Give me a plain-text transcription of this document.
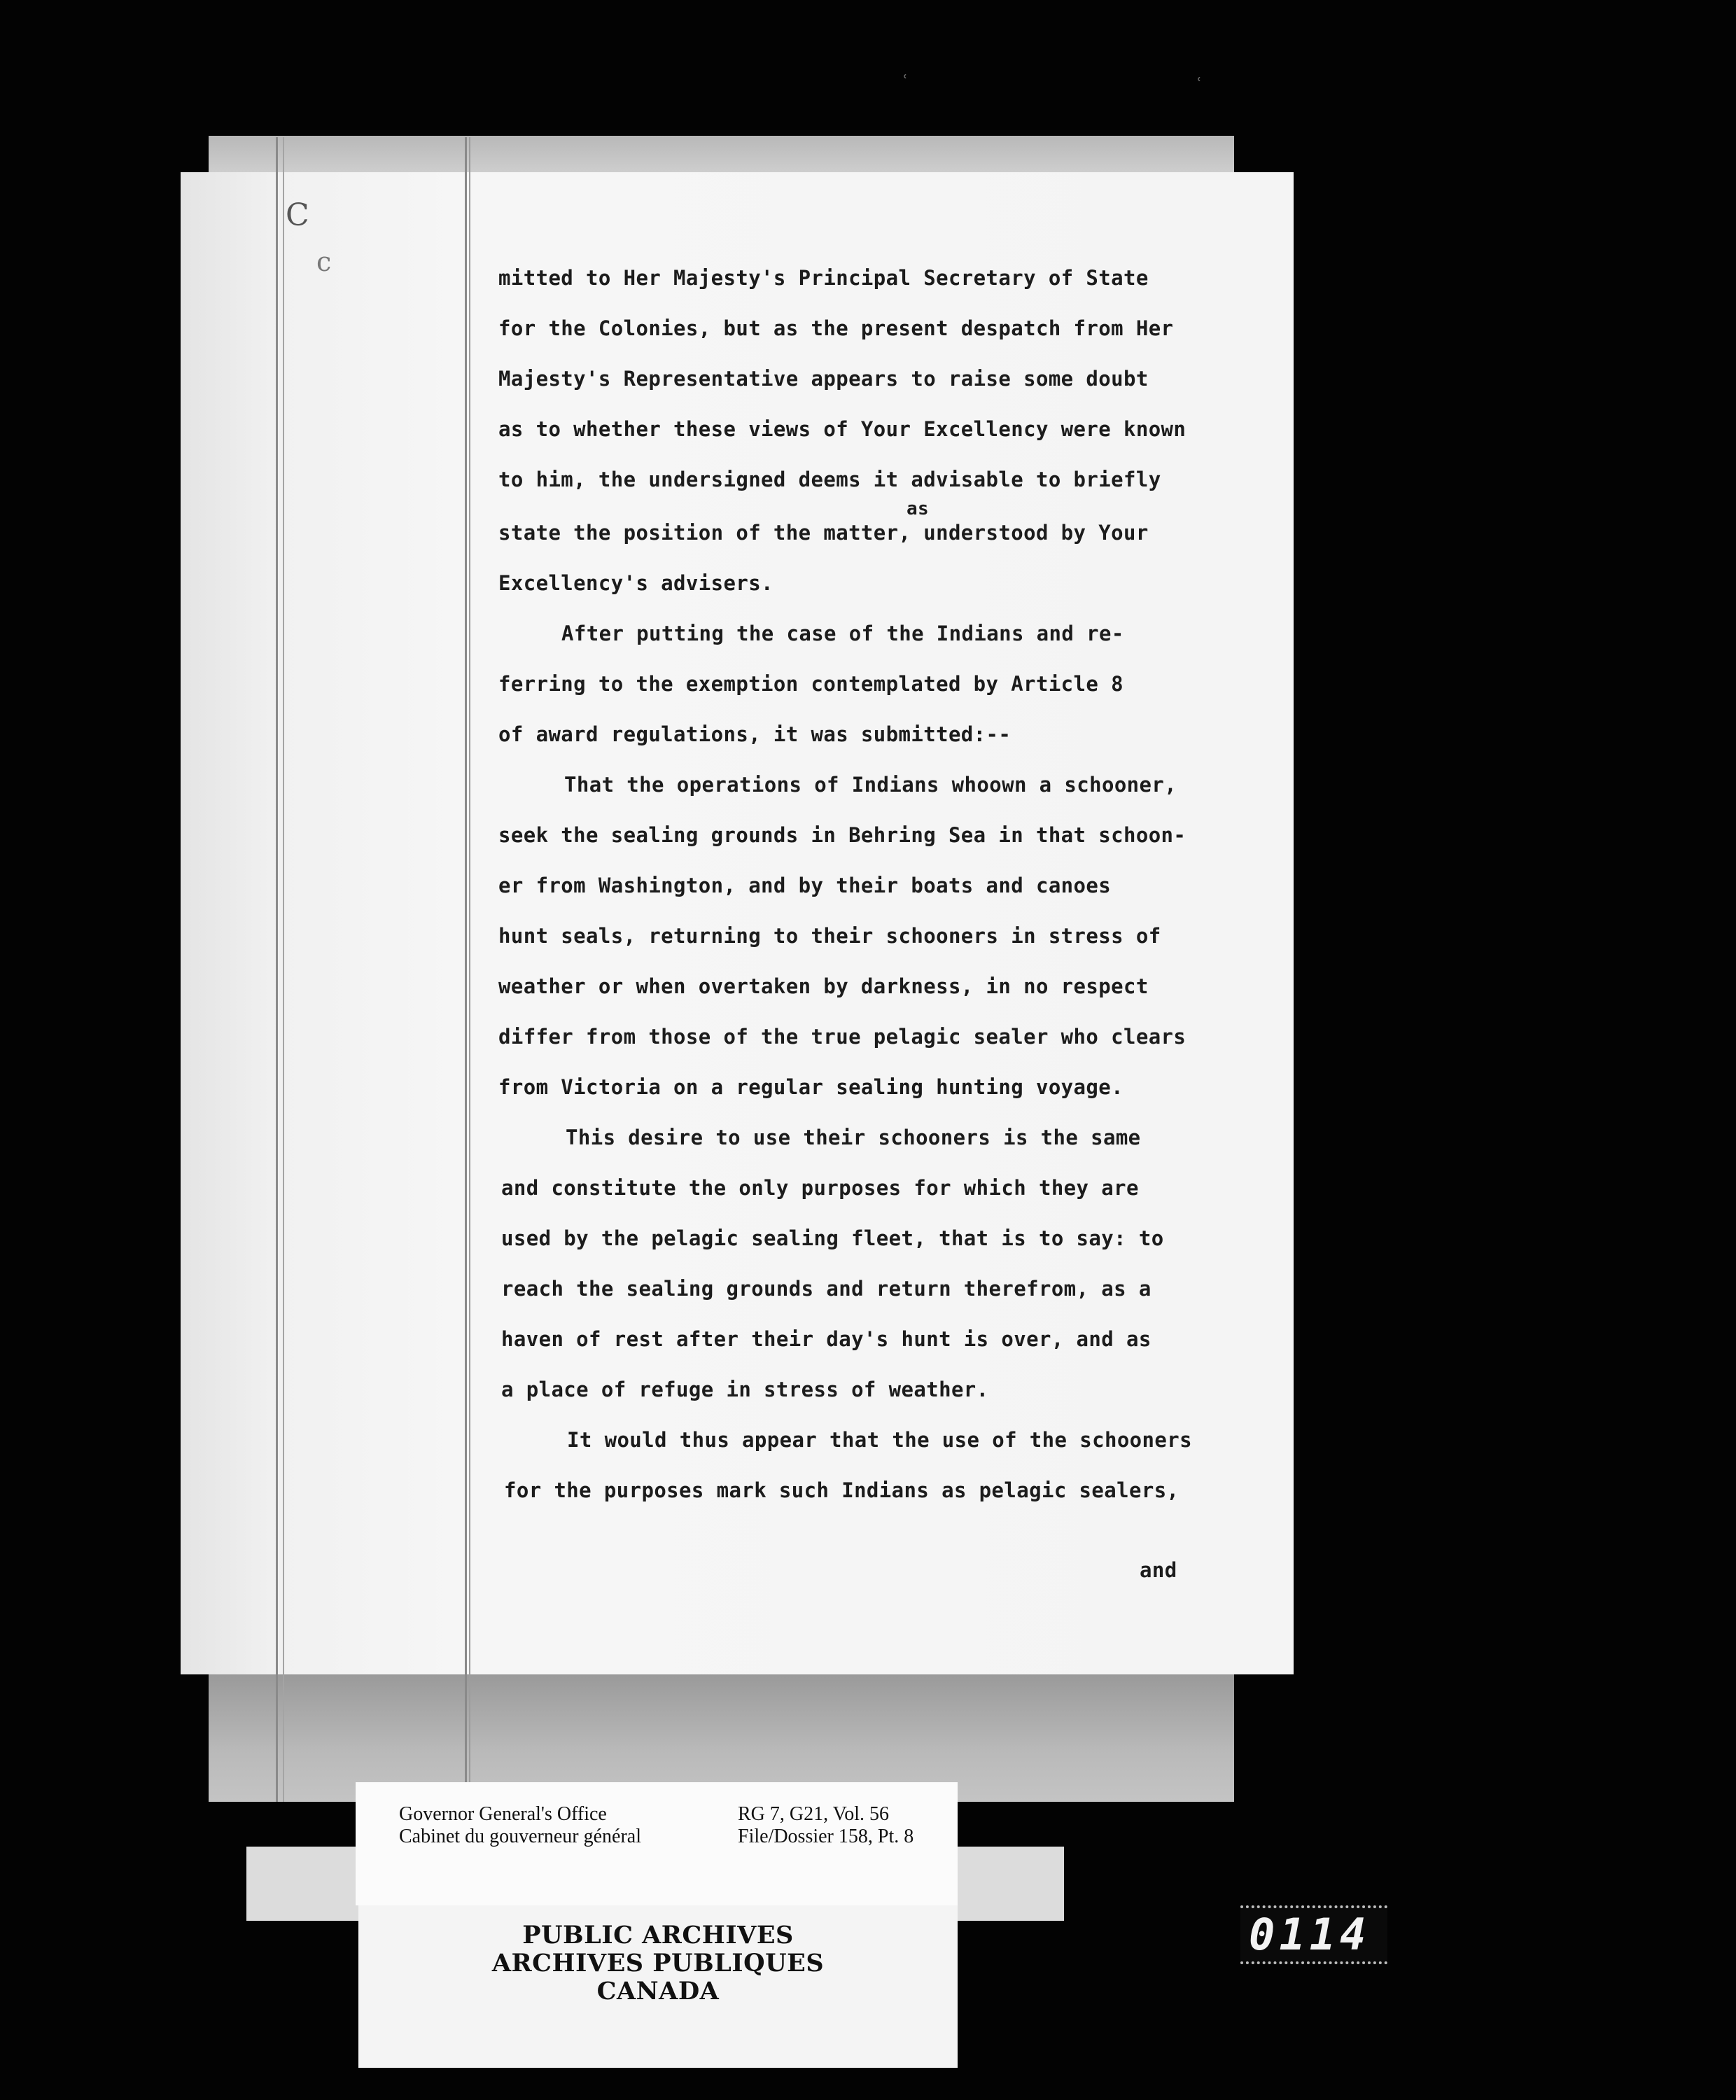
C
c
ʿ	ʿ
mitted to Her Majesty's Principal Secretary of State
for the Colonies, but as the present despatch from Her
Majesty's Representative appears to raise some doubt
as to whether these views of Your Excellency were known
to him, the undersigned deems it advisable to briefly
as
state the position of the matter, understood by Your
Excellency's advisers.
After putting the case of the Indians and re-
ferring to the exemption contemplated by Article 8
of award regulations, it was submitted:--
That the operations of Indians whoown a schooner,
seek the sealing grounds in Behring Sea in that schoon-
er from Washington, and by their boats and canoes
hunt seals, returning to their schooners in stress of
weather or when overtaken by darkness, in no respect
differ from those of the true pelagic sealer who clears
from Victoria on a regular sealing hunting voyage.
This desire to use their schooners is the same
and constitute the only purposes for which they are
used by the pelagic sealing fleet, that is to say: to
reach the sealing grounds and return therefrom, as a
haven of rest after their day's hunt is over, and as
a place of refuge in stress of weather.
It would thus appear that the use of the schooners
for the purposes mark such Indians as pelagic sealers,
and
Governor General's Office
Cabinet du gouverneur général
RG 7, G21, Vol. 56
File/Dossier 158, Pt. 8
PUBLIC ARCHIVES
ARCHIVES PUBLIQUES
CANADA
0114
